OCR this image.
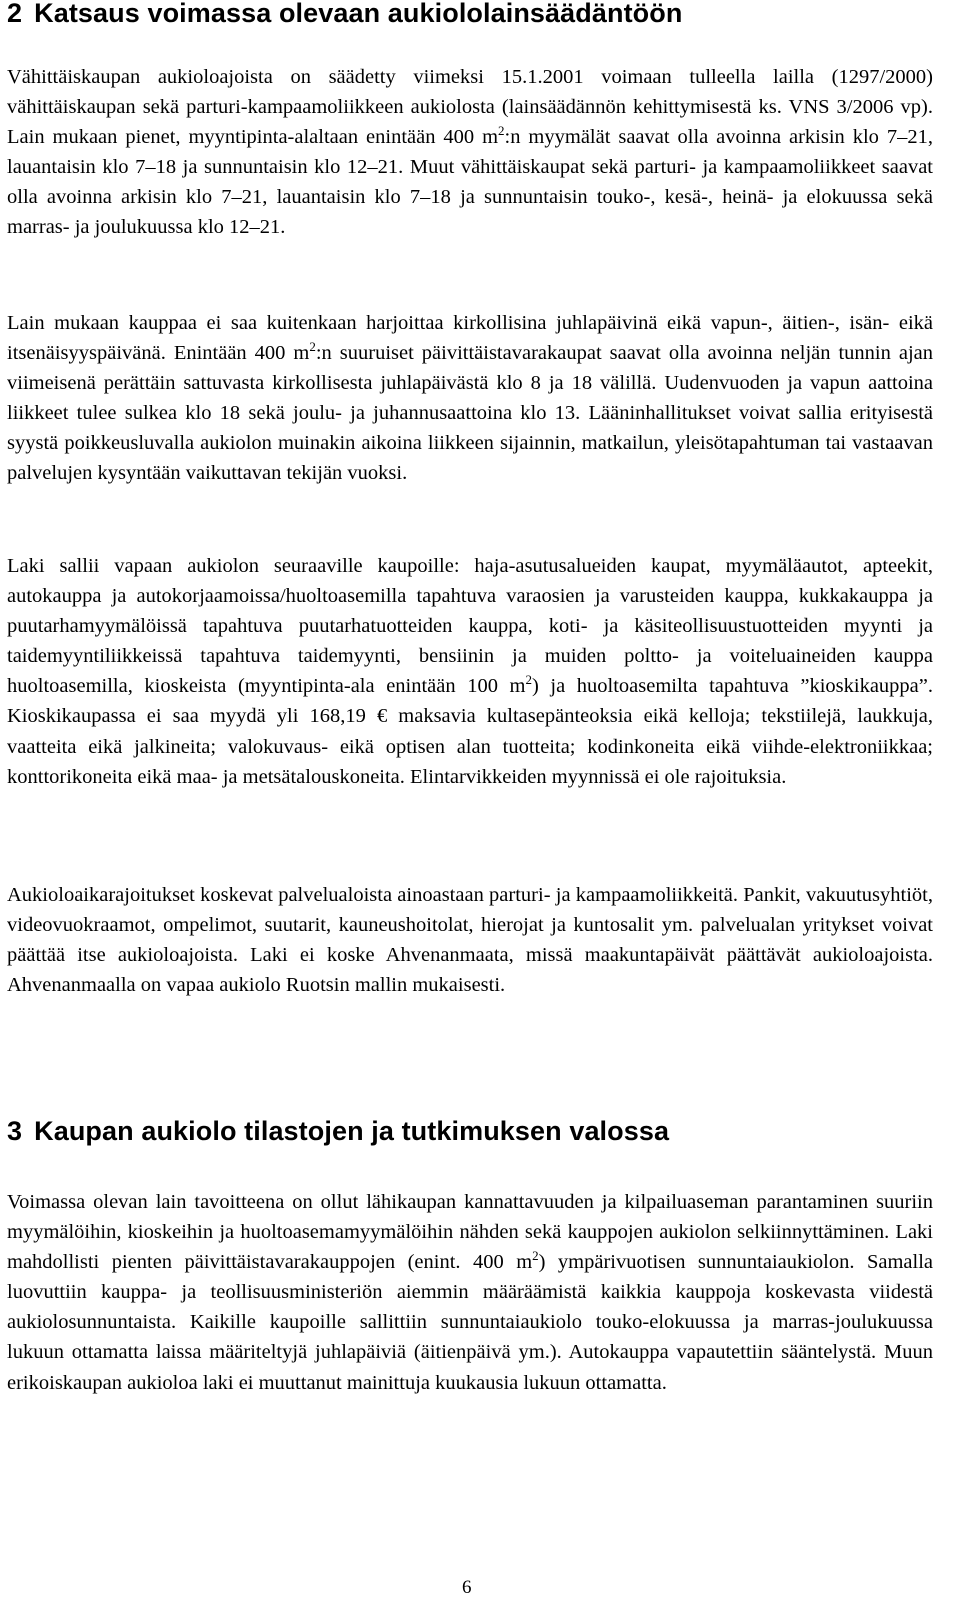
2 Katsaus voimassa olevaan aukiololainsäädäntöön

Vähittäiskaupan aukioloajoista on säädetty viimeksi 15.1.2001 voimaan tulleella lailla (1297/2000) vähittäiskaupan sekä parturi-kampaamoliikkeen aukiolosta (lainsäädännön kehittymisestä ks. VNS 3/2006 vp). Lain mukaan pienet, myyntipinta-alaltaan enintään 400 $m^2:n$ myymälät saavat olla avoinna arkisin klo 7–21, lauantaisin klo 7–18 ja sunnuntaisin klo 12–21. Muut vähittäiskaupat sekä parturi- ja kampaamoliikkeet saavat olla avoinna arkisin klo 7–21, lauantaisin klo 7–18 ja sunnuntaisin touko-, kesä-, heinä- ja elokuussa sekä marras- ja joulukuussa klo 12–21.

Lain mukaan kauppaa ei saa kuitenkaan harjoittaa kirkollisina juhlapäivinä eikä vapun-, äitien-, isän- eikä itsenäisyyspäivänä. Enintään 400 $m^2:n$ suuruiset päivittäistavarakaupat saavat olla avoinna neljän tunnin ajan viimeisenä perättäin sattuvasta kirkollisesta juhlapäivästä klo 8 ja 18 välillä. Uudenvuoden ja vapun aattoina liikkeet tulee sulkea klo 18 sekä joulu- ja juhannusaattoina klo 13. Lääninhallitukset voivat sallia erityisestä syystä poikkeusluvalla aukiolon muinakin aikoina liikkeen sijainnin, matkailun, yleisötapahtuman tai vastaavan palvelujen kysyntään vaikuttavan tekijän vuoksi.

Laki sallii vapaan aukiolon seuraaville kaupoille: haja-asutusalueiden kaupat, myymäläautot, apteekit, autokauppa ja autokorjaamoissa/huoltoasemilla tapahtuva varaosien ja varusteiden kauppa, kukkakauppa ja puutarhamyymälöissä tapahtuva puutarhatuotteiden kauppa, koti- ja käsiteollisuustuotteiden myynti ja taidemyyntiliikkeissä tapahtuva taidemyynti, bensiinin ja muiden poltto- ja voiteluaineiden kauppa huoltoasemilla, kioskeista (myyntipinta-ala enintään 100 $m^2$) ja huoltoasemilta tapahtuva ”kioskikauppa”. Kioskikaupassa ei saa myydä yli 168,19 € maksavia kultasepänteoksia eikä kelloja; tekstiilejä, laukkuja, vaatteita eikä jalkineita; valokuvaus- eikä optisen alan tuotteita; kodinkoneita eikä viihde-elektroniikkaa; konttorikoneita eikä maa- ja metsätalouskoneita. Elintarvikkeiden myynnissä ei ole rajoituksia.

Aukioloaikarajoitukset koskevat palvelualoista ainoastaan parturi- ja kampaamoliikkeitä. Pankit, vakuutusyhtiöt, videovuokraamot, ompelimot, suutarit, kauneushoitolat, hierojat ja kuntosalit ym. palvelualan yritykset voivat päättää itse aukioloajoista. Laki ei koske Ahvenanmaata, missä maakuntapäivät päättävät aukioloajoista. Ahvenanmaalla on vapaa aukiolo Ruotsin mallin mukaisesti.

3 Kaupan aukiolo tilastojen ja tutkimuksen valossa

Voimassa olevan lain tavoitteena on ollut lähikaupan kannattavuuden ja kilpailuaseman parantaminen suuriin myymälöihin, kioskeihin ja huoltoasemamyymälöihin nähden sekä kauppojen aukiolon selkiinnyttäminen. Laki mahdollisti pienten päivittäistavarakauppojen (enint. 400 $m^2$) ympärivuotisen sunnuntaiaukiolon. Samalla luovuttiin kauppa- ja teollisuusministeriön aiemmin määräämistä kaikkia kauppoja koskevasta viidestä aukiolosunnuntaista. Kaikille kaupoille sallittiin sunnuntaiaukiolo touko-elokuussa ja marras-joulukuussa lukuun ottamatta laissa määriteltyjä juhlapäiviä (äitienpäivä ym.). Autokauppa vapautettiin sääntelystä. Muun erikoiskaupan aukioloa laki ei muuttanut mainittuja kuukausia lukuun ottamatta.

6
